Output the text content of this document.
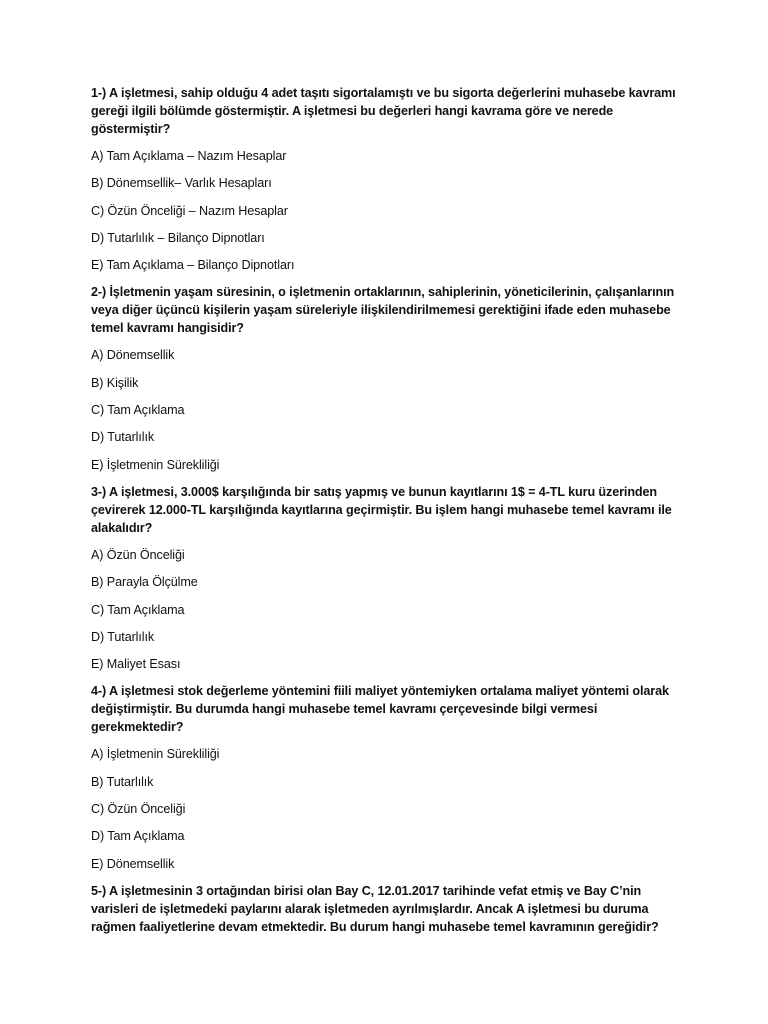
1-) A işletmesi, sahip olduğu 4 adet taşıtı sigortalamıştı ve bu sigorta değerlerini muhasebe kavramı gereği ilgili bölümde göstermiştir. A işletmesi bu değerleri hangi kavrama göre ve nerede göstermiştir?

A) Tam Açıklama – Nazım Hesaplar
B) Dönemsellik– Varlık Hesapları
C) Özün Önceliği – Nazım Hesaplar
D) Tutarlılık – Bilanço Dipnotları
E) Tam Açıklama – Bilanço Dipnotları

2-) İşletmenin yaşam süresinin, o işletmenin ortaklarının, sahiplerinin, yöneticilerinin, çalışanlarının veya diğer üçüncü kişilerin yaşam süreleriyle ilişkilendirilmemesi gerektiğini ifade eden muhasebe temel kavramı hangisidir?

A) Dönemsellik
B) Kişilik
C) Tam Açıklama
D) Tutarlılık
E) İşletmenin Sürekliliği

3-) A işletmesi, 3.000$ karşılığında bir satış yapmış ve bunun kayıtlarını 1$ = 4-TL kuru üzerinden çevirerek 12.000-TL karşılığında kayıtlarına geçirmiştir. Bu işlem hangi muhasebe temel kavramı ile alakalıdır?

A) Özün Önceliği
B) Parayla Ölçülme
C) Tam Açıklama
D) Tutarlılık
E) Maliyet Esası

4-) A işletmesi stok değerleme yöntemini fiili maliyet yöntemiyken ortalama maliyet yöntemi olarak değiştirmiştir. Bu durumda hangi muhasebe temel kavramı çerçevesinde bilgi vermesi gerekmektedir?

A) İşletmenin Sürekliliği
B) Tutarlılık
C) Özün Önceliği
D) Tam Açıklama
E) Dönemsellik

5-) A işletmesinin 3 ortağından birisi olan Bay C, 12.01.2017 tarihinde vefat etmiş ve Bay C’nin varisleri de işletmedeki paylarını alarak işletmeden ayrılmışlardır. Ancak A işletmesi bu duruma rağmen faaliyetlerine devam etmektedir. Bu durum hangi muhasebe temel kavramının gereğidir?
